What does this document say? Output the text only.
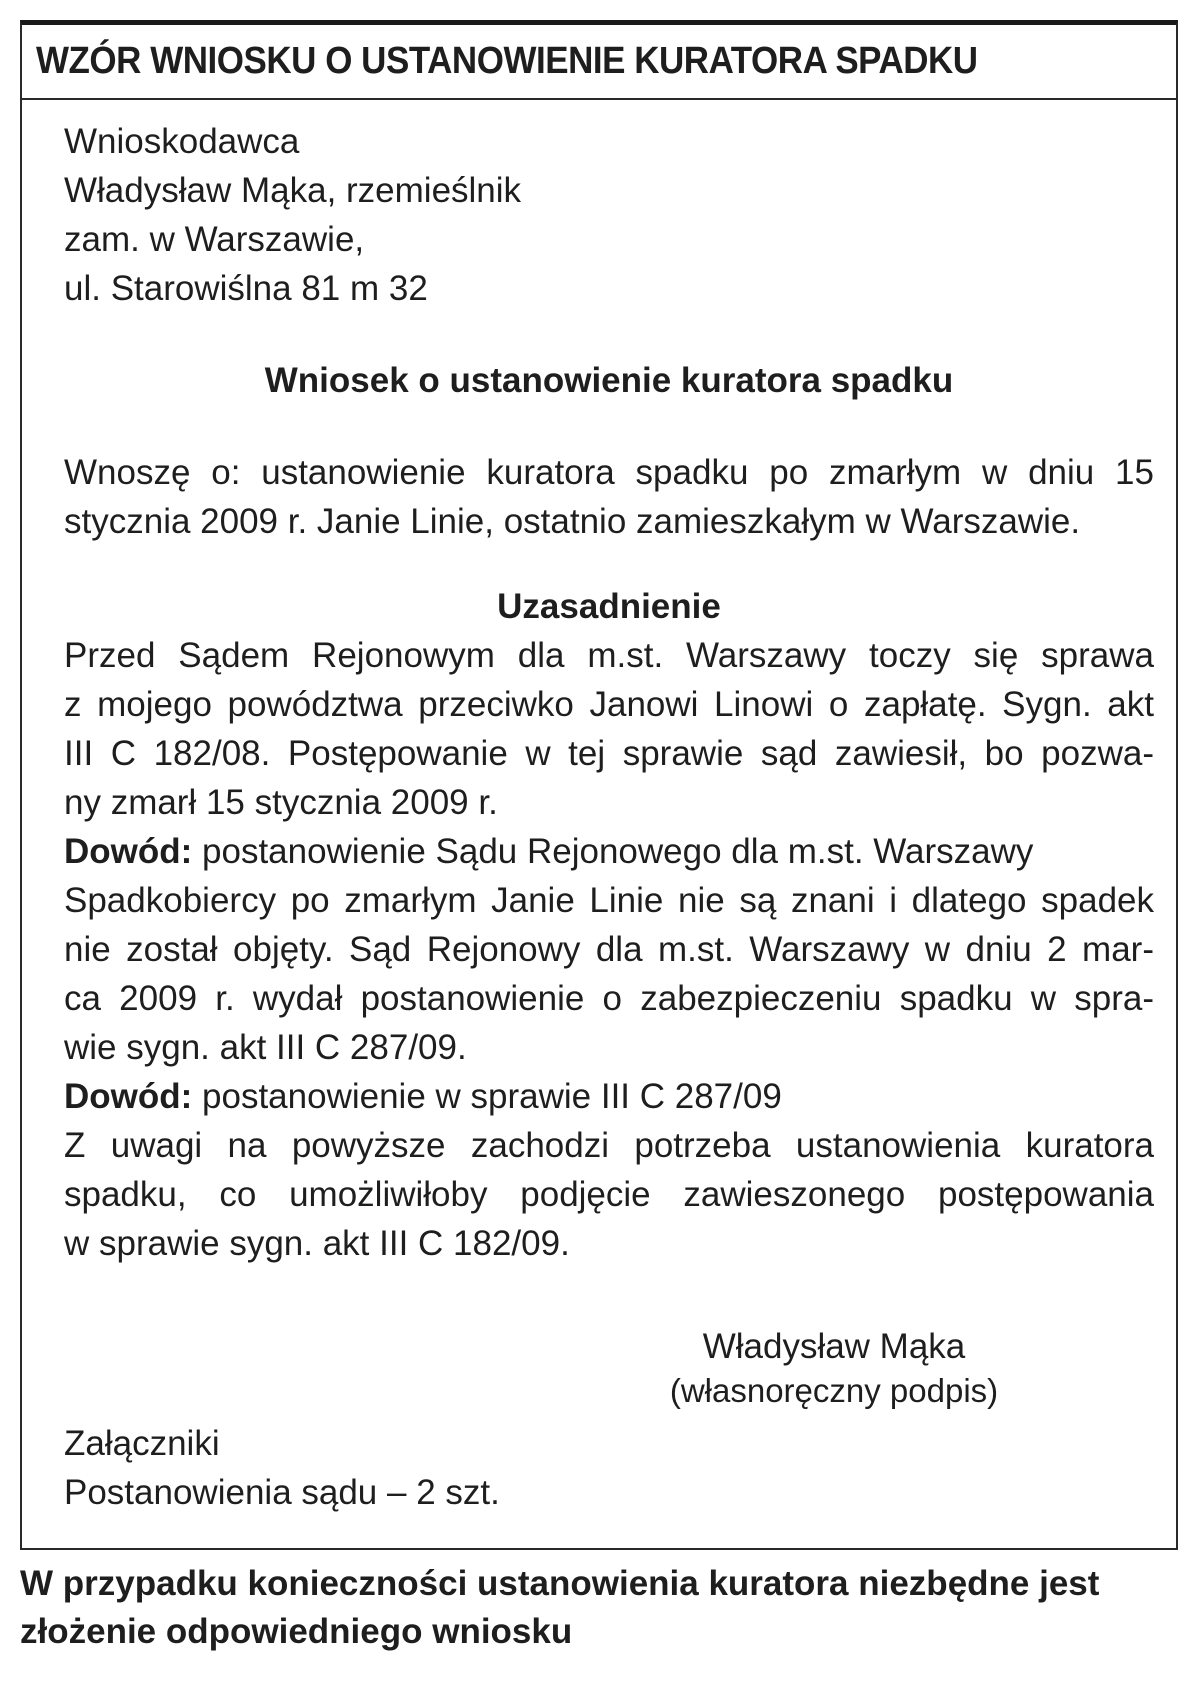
WZÓR WNIOSKU O USTANOWIENIE KURATORA SPADKU
Wnioskodawca
Władysław Mąka, rzemieślnik
zam. w Warszawie,
ul. Starowiślna 81 m 32

Wniosek o ustanowienie kuratora spadku

Wnoszę o: ustanowienie kuratora spadku po zmarłym w dniu 15
stycznia 2009 r. Janie Linie, ostatnio zamieszkałym w Warszawie.

Uzasadnienie

Przed Sądem Rejonowym dla m.st. Warszawy toczy się sprawa
z mojego powództwa przeciwko Janowi Linowi o zapłatę. Sygn. akt
III C 182/08. Postępowanie w tej sprawie sąd zawiesił, bo pozwa-
ny zmarł 15 stycznia 2009 r.
Dowód: postanowienie Sądu Rejonowego dla m.st. Warszawy
Spadkobiercy po zmarłym Janie Linie nie są znani i dlatego spadek
nie został objęty. Sąd Rejonowy dla m.st. Warszawy w dniu 2 mar-
ca 2009 r. wydał postanowienie o zabezpieczeniu spadku w spra-
wie sygn. akt III C 287/09.
Dowód: postanowienie w sprawie III C 287/09
Z uwagi na powyższe zachodzi potrzeba ustanowienia kuratora
spadku, co umożliwiłoby podjęcie zawieszonego postępowania
w sprawie sygn. akt III C 182/09.
Władysław Mąka
(własnoręczny podpis)
Załączniki
Postanowienia sądu – 2 szt.

W przypadku konieczności ustanowienia kuratora niezbędne jest
złożenie odpowiedniego wniosku
